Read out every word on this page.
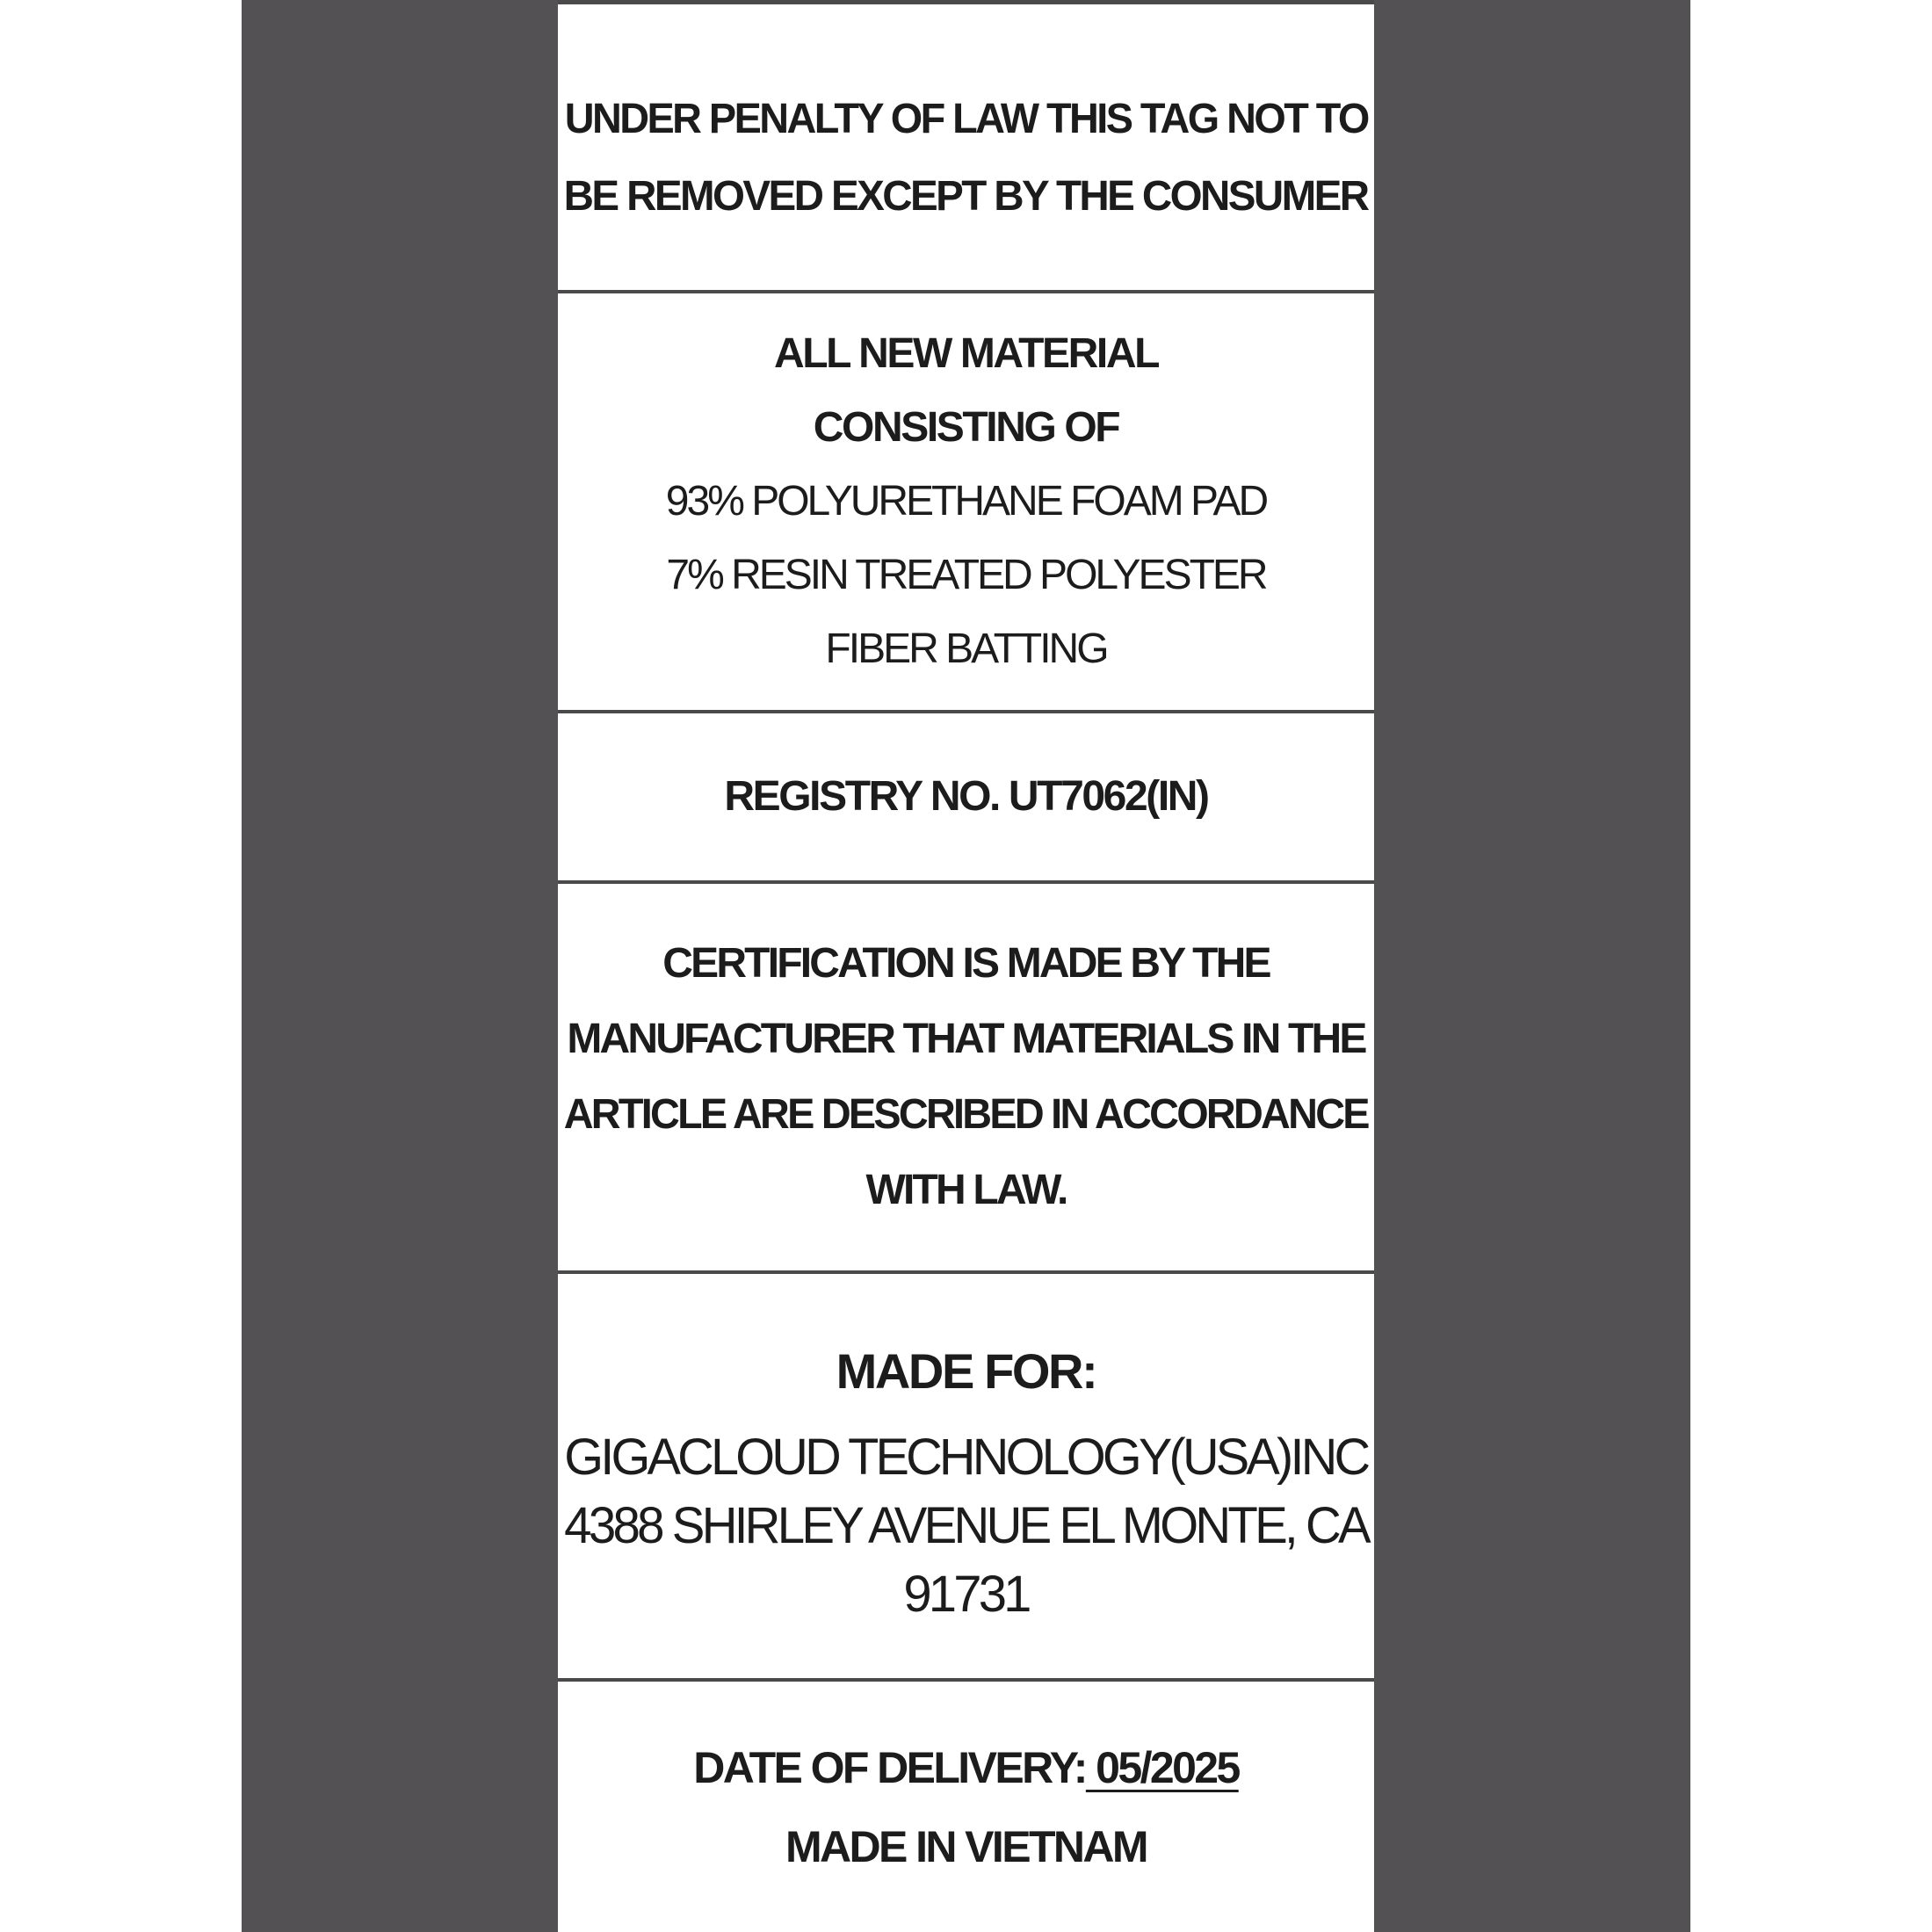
UNDER PENALTY OF LAW THIS TAG NOT TO
BE REMOVED EXCEPT BY THE CONSUMER
ALL NEW MATERIAL
CONSISTING OF
93% POLYURETHANE FOAM PAD
7% RESIN TREATED POLYESTER
FIBER BATTING
REGISTRY NO. UT7062(IN)
CERTIFICATION IS MADE BY THE
MANUFACTURER THAT MATERIALS IN THE
ARTICLE ARE DESCRIBED IN ACCORDANCE
WITH LAW.
MADE FOR:
GIGACLOUD TECHNOLOGY(USA)INC
4388 SHIRLEY AVENUE EL MONTE, CA
91731
DATE OF DELIVERY: 05/2025
MADE IN VIETNAM
